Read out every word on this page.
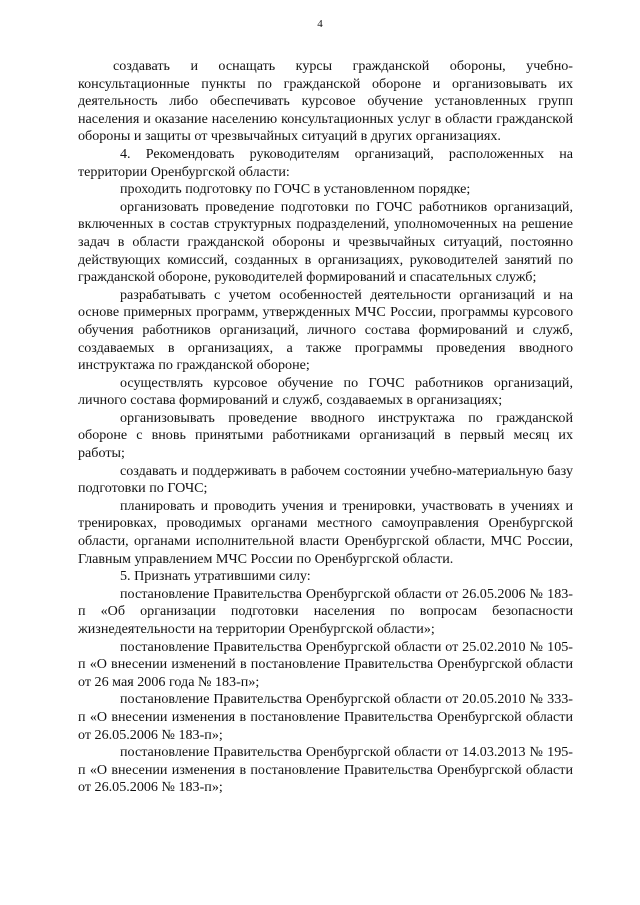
4

создавать и оснащать курсы гражданской обороны, учебно-консультационные пункты по гражданской обороне и организовывать их деятельность либо обеспечивать курсовое обучение установленных групп населения и оказание населению консультационных услуг в области гражданской обороны и защиты от чрезвычайных ситуаций в других организациях.

4. Рекомендовать руководителям организаций, расположенных на территории Оренбургской области:

проходить подготовку по ГОЧС в установленном порядке;

организовать проведение подготовки по ГОЧС работников организаций, включенных в состав структурных подразделений, уполномоченных на решение задач в области гражданской обороны и чрезвычайных ситуаций, постоянно действующих комиссий, созданных в организациях, руководителей занятий по гражданской обороне, руководителей формирований и спасательных служб;

разрабатывать с учетом особенностей деятельности организаций и на основе примерных программ, утвержденных МЧС России, программы курсового обучения работников организаций, личного состава формирований и служб, создаваемых в организациях, а также программы проведения вводного инструктажа по гражданской обороне;

осуществлять курсовое обучение по ГОЧС работников организаций, личного состава формирований и служб, создаваемых в организациях;

организовывать проведение вводного инструктажа по гражданской обороне с вновь принятыми работниками организаций в первый месяц их работы;

создавать и поддерживать в рабочем состоянии учебно-материальную базу подготовки по ГОЧС;

планировать и проводить учения и тренировки, участвовать в учениях и тренировках, проводимых органами местного самоуправления Оренбургской области, органами исполнительной власти Оренбургской области, МЧС России, Главным управлением МЧС России по Оренбургской области.

5. Признать утратившими силу:

постановление Правительства Оренбургской области от 26.05.2006 № 183-п «Об организации подготовки населения по вопросам безопасности жизнедеятельности на территории Оренбургской области»;

постановление Правительства Оренбургской области от 25.02.2010 № 105-п «О внесении изменений в постановление Правительства Оренбургской области от 26 мая 2006 года № 183-п»;

постановление Правительства Оренбургской области от 20.05.2010 № 333-п «О внесении изменения в постановление Правительства Оренбургской области от 26.05.2006 № 183-п»;

постановление Правительства Оренбургской области от 14.03.2013 № 195-п «О внесении изменения в постановление Правительства Оренбургской области от 26.05.2006 № 183-п»;
